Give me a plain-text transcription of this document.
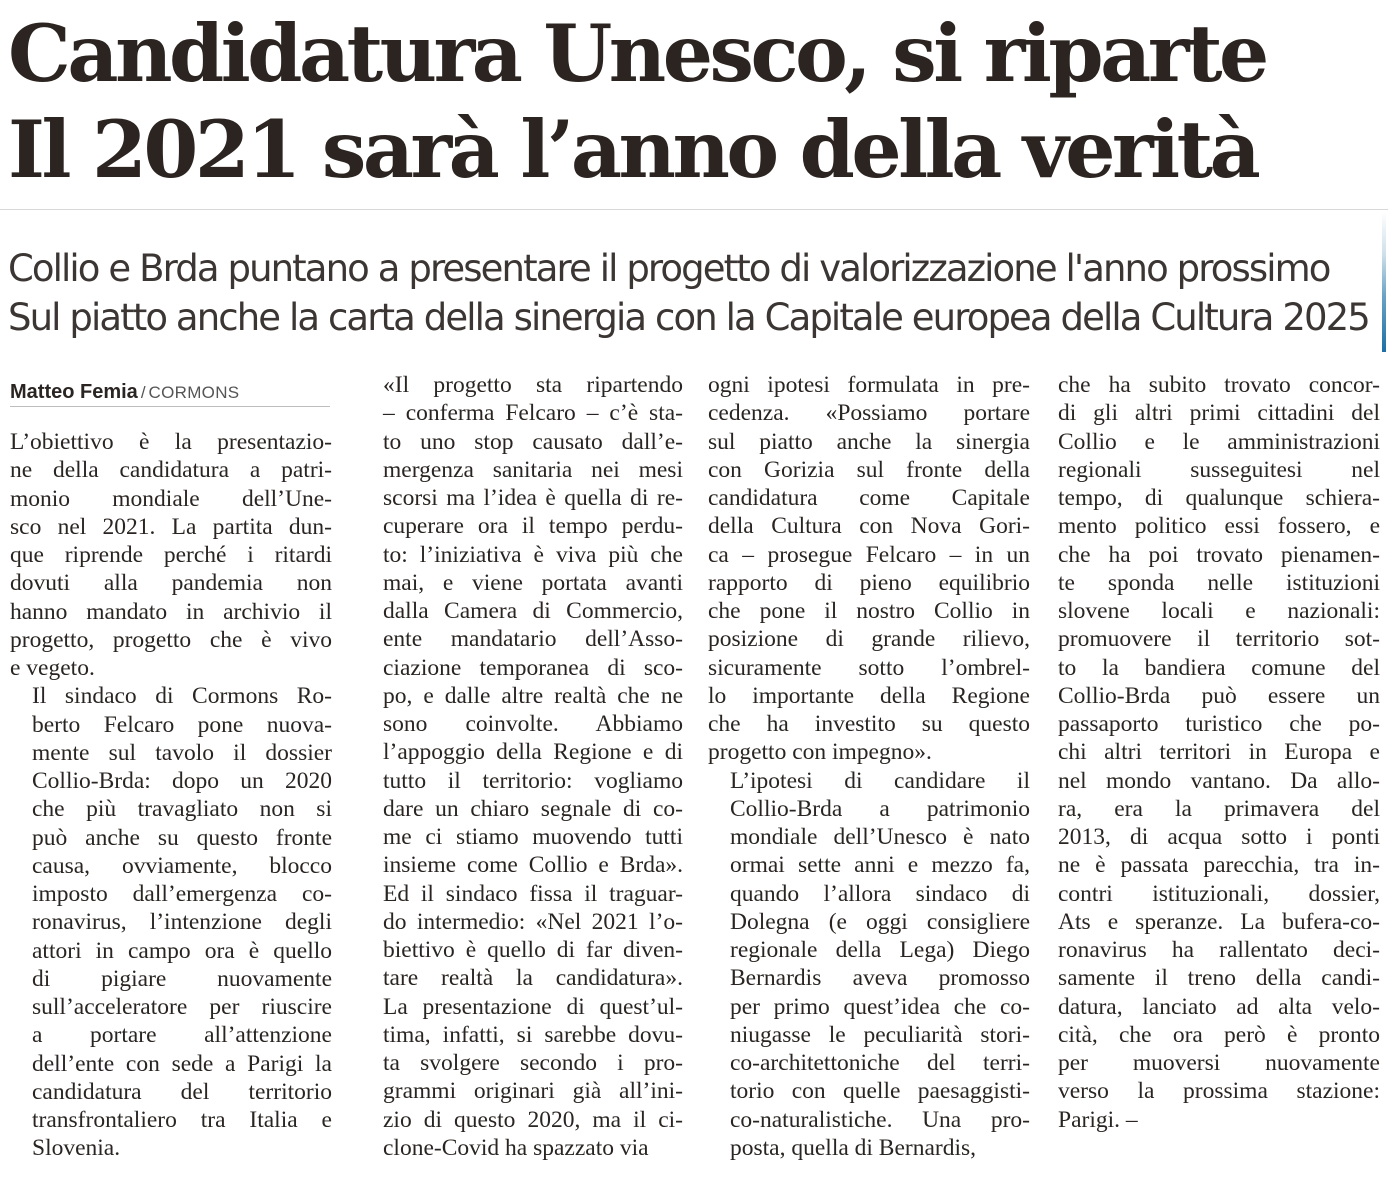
Candidatura Unesco, si riparte
Il 2021 sarà l’anno della verità
Collio e Brda puntano a presentare il progetto di valorizzazione l'anno prossimo
Sul piatto anche la carta della sinergia con la Capitale europea della Cultura 2025
Matteo Femia / CORMONS

L’obiettivo è la presentazio-
ne della candidatura a patri-
monio mondiale dell’Une-
sco nel 2021. La partita dun-
que riprende perché i ritardi
dovuti alla pandemia non
hanno mandato in archivio il
progetto, progetto che è vivo
e vegeto.

Il sindaco di Cormons Ro-
berto Felcaro pone nuova-
mente sul tavolo il dossier
Collio-Brda: dopo un 2020
che più travagliato non si
può anche su questo fronte
causa, ovviamente, blocco
imposto dall’emergenza co-
ronavirus, l’intenzione degli
attori in campo ora è quello
di pigiare nuovamente
sull’acceleratore per riuscire
a portare all’attenzione
dell’ente con sede a Parigi la
candidatura del territorio
transfrontaliero tra Italia e
Slovenia.

«Il progetto sta ripartendo
– conferma Felcaro – c’è sta-
to uno stop causato dall’e-
mergenza sanitaria nei mesi
scorsi ma l’idea è quella di re-
cuperare ora il tempo perdu-
to: l’iniziativa è viva più che
mai, e viene portata avanti
dalla Camera di Commercio,
ente mandatario dell’Asso-
ciazione temporanea di sco-
po, e dalle altre realtà che ne
sono coinvolte. Abbiamo
l’appoggio della Regione e di
tutto il territorio: vogliamo
dare un chiaro segnale di co-
me ci stiamo muovendo tutti
insieme come Collio e Brda».
Ed il sindaco fissa il traguar-
do intermedio: «Nel 2021 l’o-
biettivo è quello di far diven-
tare realtà la candidatura».
La presentazione di quest’ul-
tima, infatti, si sarebbe dovu-
ta svolgere secondo i pro-
grammi originari già all’ini-
zio di questo 2020, ma il ci-
clone-Covid ha spazzato via

ogni ipotesi formulata in pre-
cedenza. «Possiamo portare
sul piatto anche la sinergia
con Gorizia sul fronte della
candidatura come Capitale
della Cultura con Nova Gori-
ca – prosegue Felcaro – in un
rapporto di pieno equilibrio
che pone il nostro Collio in
posizione di grande rilievo,
sicuramente sotto l’ombrel-
lo importante della Regione
che ha investito su questo
progetto con impegno».

L’ipotesi di candidare il
Collio-Brda a patrimonio
mondiale dell’Unesco è nato
ormai sette anni e mezzo fa,
quando l’allora sindaco di
Dolegna (e oggi consigliere
regionale della Lega) Diego
Bernardis aveva promosso
per primo quest’idea che co-
niugasse le peculiarità stori-
co-architettoniche del terri-
torio con quelle paesaggisti-
co-naturalistiche. Una pro-
posta, quella di Bernardis,

che ha subito trovato concor-
di gli altri primi cittadini del
Collio e le amministrazioni
regionali susseguitesi nel
tempo, di qualunque schiera-
mento politico essi fossero, e
che ha poi trovato pienamen-
te sponda nelle istituzioni
slovene locali e nazionali:
promuovere il territorio sot-
to la bandiera comune del
Collio-Brda può essere un
passaporto turistico che po-
chi altri territori in Europa e
nel mondo vantano. Da allo-
ra, era la primavera del
2013, di acqua sotto i ponti
ne è passata parecchia, tra in-
contri istituzionali, dossier,
Ats e speranze. La bufera-co-
ronavirus ha rallentato deci-
samente il treno della candi-
datura, lanciato ad alta velo-
cità, che ora però è pronto
per muoversi nuovamente
verso la prossima stazione:
Parigi. –
